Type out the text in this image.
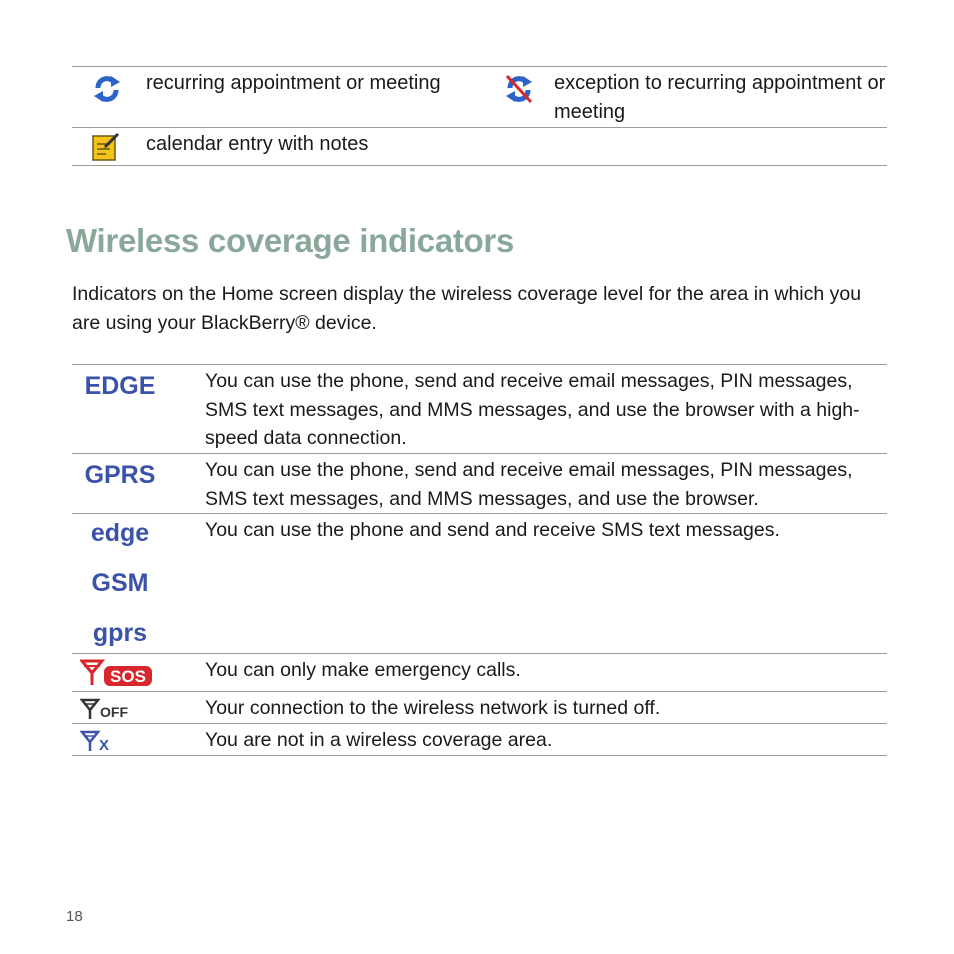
	recurring appointment or meeting		exception to recurring appointment or meeting

	calendar entry with notes		
Wireless coverage indicators

Indicators on the Home screen display the wireless coverage level for the area in which you are using your BlackBerry® device.

EDGE	You can use the phone, send and receive email messages, PIN messages, SMS text messages, and MMS messages, and use the browser with a high-speed data connection.

GPRS	You can use the phone, send and receive email messages, PIN messages, SMS text messages, and MMS messages, and use the browser.

edge
GSM
gprs	You can use the phone and send and receive SMS text messages.

SOS	You can only make emergency calls.

OFF	Your connection to the wireless network is turned off.

X	You are not in a wireless coverage area.
18
